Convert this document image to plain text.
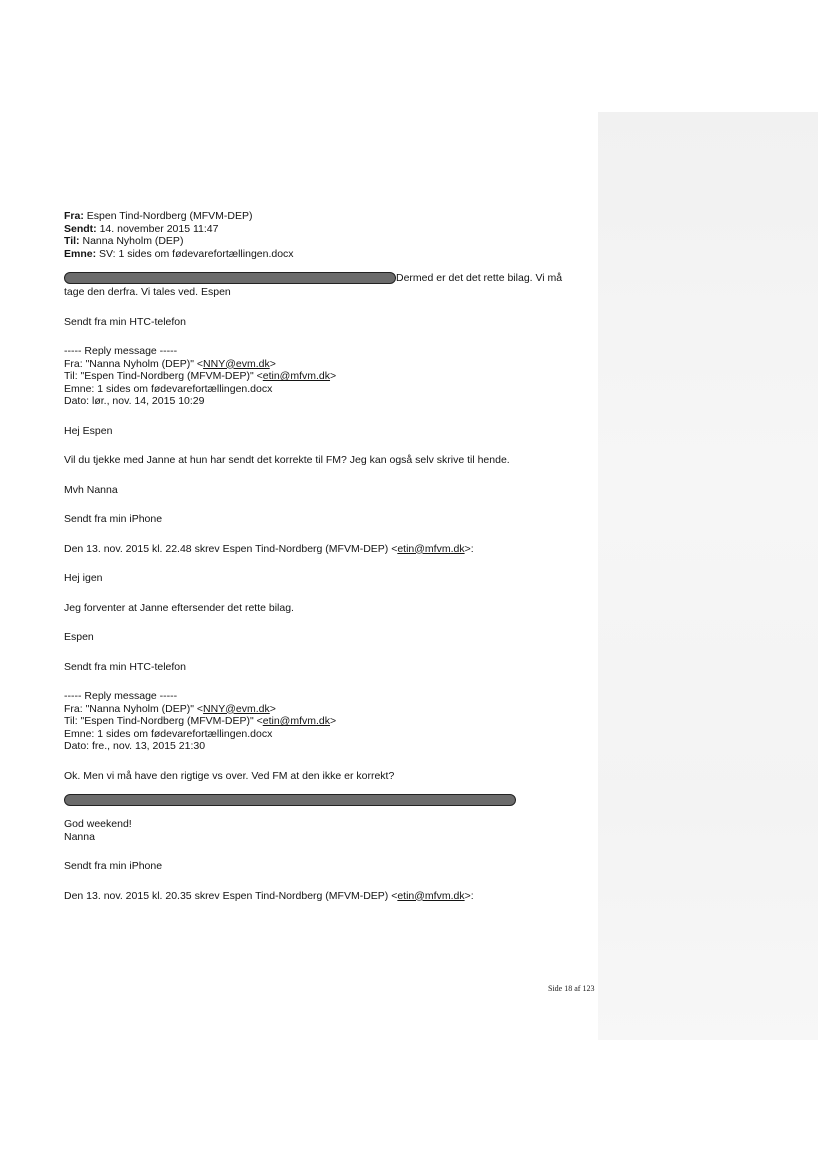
Fra: Espen Tind-Nordberg (MFVM-DEP)
Sendt: 14. november 2015 11:47
Til: Nanna Nyholm (DEP)
Emne: SV: 1 sides om fødevarefortællingen.docx
Dermed er det det rette bilag. Vi må
tage den derfra. Vi tales ved. Espen
Sendt fra min HTC-telefon
----- Reply message -----
Fra: "Nanna Nyholm (DEP)" <NNY@evm.dk>
Til: "Espen Tind-Nordberg (MFVM-DEP)" <etin@mfvm.dk>
Emne: 1 sides om fødevarefortællingen.docx
Dato: lør., nov. 14, 2015 10:29
Hej Espen
Vil du tjekke med Janne at hun har sendt det korrekte til FM? Jeg kan også selv skrive til hende.
Mvh Nanna
Sendt fra min iPhone
Den 13. nov. 2015 kl. 22.48 skrev Espen Tind-Nordberg (MFVM-DEP) <etin@mfvm.dk>:
Hej igen
Jeg forventer at Janne eftersender det rette bilag.
Espen
Sendt fra min HTC-telefon
----- Reply message -----
Fra: "Nanna Nyholm (DEP)" <NNY@evm.dk>
Til: "Espen Tind-Nordberg (MFVM-DEP)" <etin@mfvm.dk>
Emne: 1 sides om fødevarefortællingen.docx
Dato: fre., nov. 13, 2015 21:30
Ok. Men vi må have den rigtige vs over. Ved FM at den ikke er korrekt?
God weekend!
Nanna
Sendt fra min iPhone
Den 13. nov. 2015 kl. 20.35 skrev Espen Tind-Nordberg (MFVM-DEP) <etin@mfvm.dk>:
Side 18 af 123
